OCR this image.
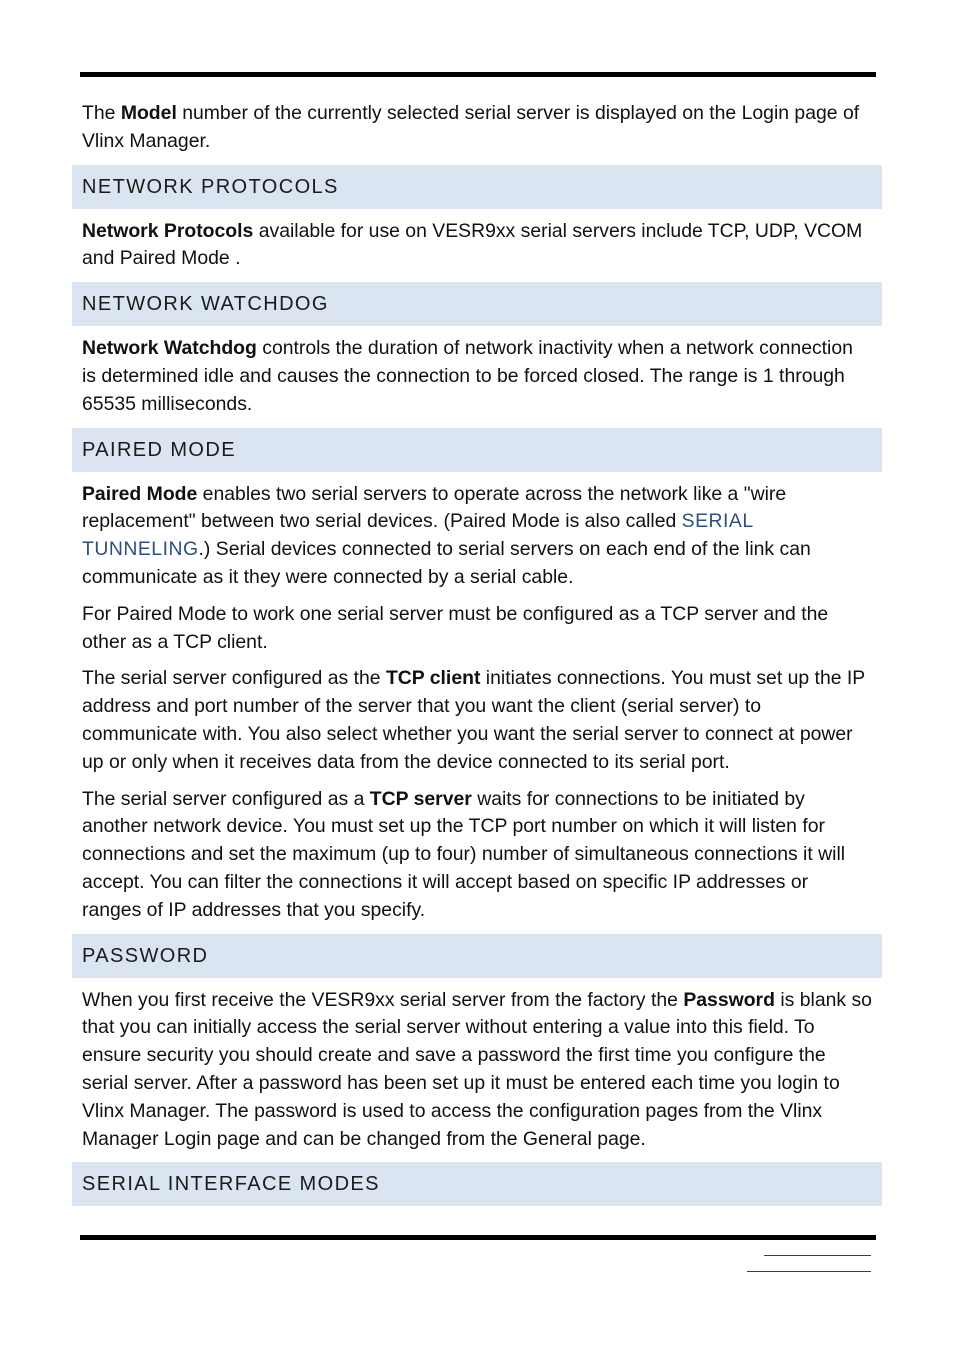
The Model number of the currently selected serial server is displayed on the Login page of Vlinx Manager.

NETWORK PROTOCOLS

Network Protocols available for use on VESR9xx serial servers include TCP, UDP, VCOM and Paired Mode .

NETWORK WATCHDOG

Network Watchdog controls the duration of network inactivity when a network connection is determined idle and causes the connection to be forced closed. The range is 1 through 65535 milliseconds.

PAIRED MODE

Paired Mode enables two serial servers to operate across the network like a "wire replacement" between two serial devices. (Paired Mode is also called SERIAL TUNNELING.) Serial devices connected to serial servers on each end of the link can communicate as it they were connected by a serial cable.

For Paired Mode to work one serial server must be configured as a TCP server and the other as a TCP client.

The serial server configured as the TCP client initiates connections. You must set up the IP address and port number of the server that you want the client (serial server) to communicate with. You also select whether you want the serial server to connect at power up or only when it receives data from the device connected to its serial port.

The serial server configured as a TCP server waits for connections to be initiated by another network device. You must set up the TCP port number on which it will listen for connections and set the maximum (up to four) number of simultaneous connections it will accept. You can filter the connections it will accept based on specific IP addresses or ranges of IP addresses that you specify.

PASSWORD

When you first receive the VESR9xx serial server from the factory the Password is blank so that you can initially access the serial server without entering a value into this field. To ensure security you should create and save a password the first time you configure the serial server. After a password has been set up it must be entered each time you login to Vlinx Manager. The password is used to access the configuration pages from the Vlinx Manager Login page and can be changed from the General page.

SERIAL INTERFACE MODES
